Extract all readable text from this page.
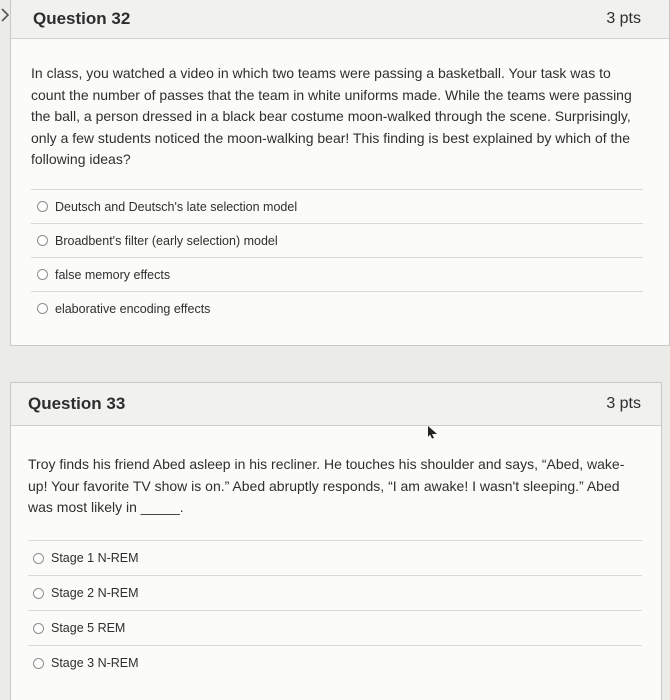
Question 32	3 pts
In class, you watched a video in which two teams were passing a basketball. Your task was to count the number of passes that the team in white uniforms made. While the teams were passing the ball, a person dressed in a black bear costume moon-walked through the scene. Surprisingly, only a few students noticed the moon-walking bear! This finding is best explained by which of the following ideas?
Deutsch and Deutsch's late selection model
Broadbent's filter (early selection) model
false memory effects
elaborative encoding effects
Question 33	3 pts
Troy finds his friend Abed asleep in his recliner. He touches his shoulder and says, “Abed, wake-up! Your favorite TV show is on.” Abed abruptly responds, “I am awake! I wasn't sleeping.” Abed was most likely in _____.
Stage 1 N-REM
Stage 2 N-REM
Stage 5 REM
Stage 3 N-REM
